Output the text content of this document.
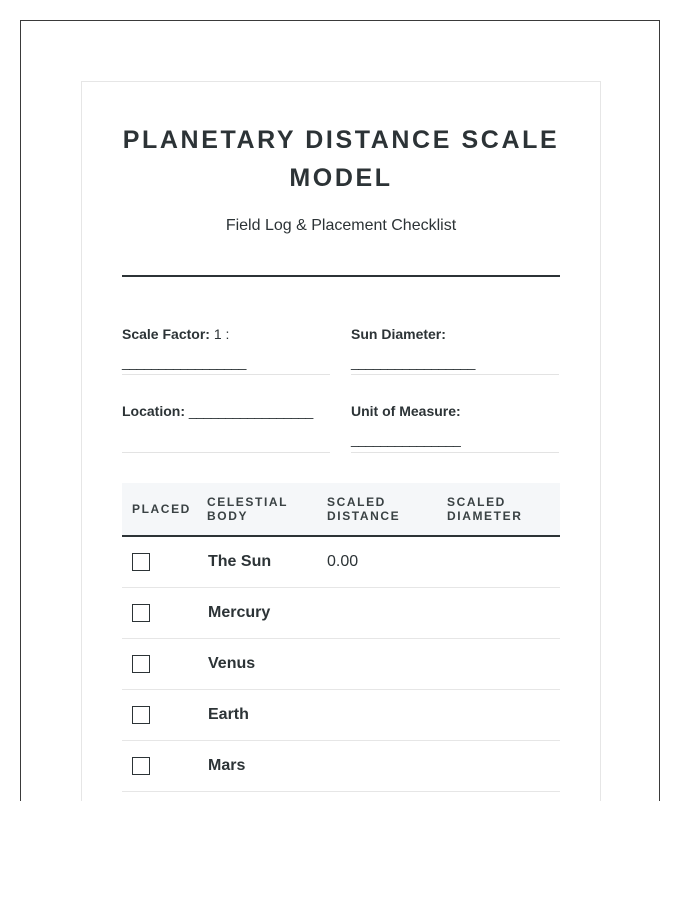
PLANETARY DISTANCE SCALE MODEL
Field Log & Placement Checklist
Scale Factor: 1 :
_________________
Sun Diameter:
_________________
Location: _________________	Unit of Measure:
_______________
PLACED CELESTIAL BODY
SCALED DISTANCE
SCALED DIAMETER
The Sun	0.00
Mercury
Venus
Earth
Mars
